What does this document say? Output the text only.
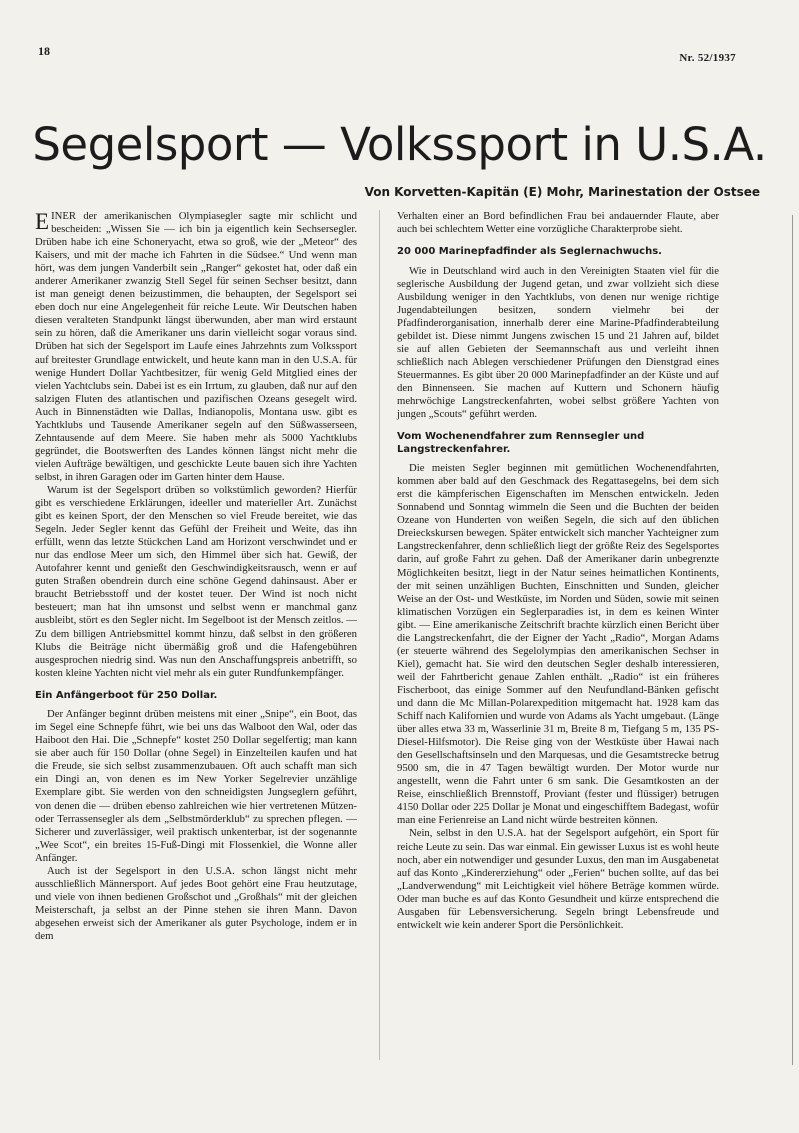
18	Nr. 52/1937
Segelsport — Volkssport in U.S.A.
Von Korvetten-Kapitän (E) Mohr, Marinestation der Ostsee

EINER der amerikanischen Olympiasegler sagte mir schlicht und bescheiden: „Wissen Sie — ich bin ja eigentlich kein Sechsersegler. Drüben habe ich eine Schoneryacht, etwa so groß, wie der „Meteor“ des Kaisers, und mit der mache ich Fahrten in die Südsee.“ Und wenn man hört, was dem jungen Vanderbilt sein „Ranger“ gekostet hat, oder daß ein anderer Amerikaner zwanzig Stell Segel für seinen Sechser besitzt, dann ist man geneigt denen beizustimmen, die behaupten, der Segelsport sei eben doch nur eine Angelegenheit für reiche Leute. Wir Deutschen haben diesen veralteten Standpunkt längst überwunden, aber man wird erstaunt sein zu hören, daß die Amerikaner uns darin vielleicht sogar voraus sind. Drüben hat sich der Segelsport im Laufe eines Jahrzehnts zum Volkssport auf breitester Grundlage entwickelt, und heute kann man in den U.S.A. für wenige Hundert Dollar Yachtbesitzer, für wenig Geld Mitglied eines der vielen Yachtclubs sein. Dabei ist es ein Irrtum, zu glauben, daß nur auf den salzigen Fluten des atlantischen und pazifischen Ozeans gesegelt wird. Auch in Binnenstädten wie Dallas, Indianopolis, Montana usw. gibt es Yachtklubs und Tausende Amerikaner segeln auf den Süßwasserseen, Zehntausende auf dem Meere. Sie haben mehr als 5000 Yachtklubs gegründet, die Bootswerften des Landes können längst nicht mehr die vielen Aufträge bewältigen, und geschickte Leute bauen sich ihre Yachten selbst, in ihren Garagen oder im Garten hinter dem Hause.

Warum ist der Segelsport drüben so volkstümlich geworden? Hierfür gibt es verschiedene Erklärungen, ideeller und materieller Art. Zunächst gibt es keinen Sport, der den Menschen so viel Freude bereitet, wie das Segeln. Jeder Segler kennt das Gefühl der Freiheit und Weite, das ihn erfüllt, wenn das letzte Stückchen Land am Horizont verschwindet und er nur das endlose Meer um sich, den Himmel über sich hat. Gewiß, der Autofahrer kennt und genießt den Geschwindigkeitsrausch, wenn er auf guten Straßen obendrein durch eine schöne Gegend dahinsaust. Aber er braucht Betriebsstoff und der kostet teuer. Der Wind ist noch nicht besteuert; man hat ihn umsonst und selbst wenn er manchmal ganz ausbleibt, stört es den Segler nicht. Im Segelboot ist der Mensch zeitlos. — Zu dem billigen Antriebsmittel kommt hinzu, daß selbst in den größeren Klubs die Beiträge nicht übermäßig groß und die Hafengebühren ausgesprochen niedrig sind. Was nun den Anschaffungspreis anbetrifft, so kosten kleine Yachten nicht viel mehr als ein guter Rundfunkempfänger.

Ein Anfängerboot für 250 Dollar.

Der Anfänger beginnt drüben meistens mit einer „Snipe“, ein Boot, das im Segel eine Schnepfe führt, wie bei uns das Walboot den Wal, oder das Haiboot den Hai. Die „Schnepfe“ kostet 250 Dollar segelfertig; man kann sie aber auch für 150 Dollar (ohne Segel) in Einzelteilen kaufen und hat die Freude, sie sich selbst zusammenzubauen. Oft auch schafft man sich ein Dingi an, von denen es im New Yorker Segelrevier unzählige Exemplare gibt. Sie werden von den schneidigsten Jungseglern geführt, von denen die — drüben ebenso zahlreichen wie hier vertretenen Mützen- oder Terrassensegler als dem „Selbstmörderklub“ zu sprechen pflegen. — Sicherer und zuverlässiger, weil praktisch unkenterbar, ist der sogenannte „Wee Scot“, ein breites 15-Fuß-Dingi mit Flossenkiel, die Wonne aller Anfänger.

Auch ist der Segelsport in den U.S.A. schon längst nicht mehr ausschließlich Männersport. Auf jedes Boot gehört eine Frau heutzutage, und viele von ihnen bedienen Großschot und „Großhals“ mit der gleichen Meisterschaft, ja selbst an der Pinne stehen sie ihren Mann. Davon abgesehen erweist sich der Amerikaner als guter Psychologe, indem er in dem

Verhalten einer an Bord befindlichen Frau bei andauernder Flaute, aber auch bei schlechtem Wetter eine vorzügliche Charakterprobe sieht.

20 000 Marinepfadfinder als Seglernachwuchs.

Wie in Deutschland wird auch in den Vereinigten Staaten viel für die seglerische Ausbildung der Jugend getan, und zwar vollzieht sich diese Ausbildung weniger in den Yachtklubs, von denen nur wenige richtige Jugendabteilungen besitzen, sondern vielmehr bei der Pfadfinderorganisation, innerhalb derer eine Marine-Pfadfinderabteilung gebildet ist. Diese nimmt Jungens zwischen 15 und 21 Jahren auf, bildet sie auf allen Gebieten der Seemannschaft aus und verleiht ihnen schließlich nach Ablegen verschiedener Prüfungen den Dienstgrad eines Steuermannes. Es gibt über 20 000 Marinepfadfinder an der Küste und auf den Binnenseen. Sie machen auf Kuttern und Schonern häufig mehrwöchige Langstreckenfahrten, wobei selbst größere Yachten von jungen „Scouts“ geführt werden.

Vom Wochenendfahrer zum Rennsegler und Langstreckenfahrer.

Die meisten Segler beginnen mit gemütlichen Wochenendfahrten, kommen aber bald auf den Geschmack des Regattasegelns, bei dem sich erst die kämpferischen Eigenschaften im Menschen entwickeln. Jeden Sonnabend und Sonntag wimmeln die Seen und die Buchten der beiden Ozeane von Hunderten von weißen Segeln, die sich auf den üblichen Dreieckskursen bewegen. Später entwickelt sich mancher Yachteigner zum Langstreckenfahrer, denn schließlich liegt der größte Reiz des Segelsportes darin, auf große Fahrt zu gehen. Daß der Amerikaner darin unbegrenzte Möglichkeiten besitzt, liegt in der Natur seines heimatlichen Kontinents, der mit seinen unzähligen Buchten, Einschnitten und Sunden, gleicher Weise an der Ost- und Westküste, im Norden und Süden, sowie mit seinen klimatischen Vorzügen ein Seglerparadies ist, in dem es keinen Winter gibt. — Eine amerikanische Zeitschrift brachte kürzlich einen Bericht über die Langstreckenfahrt, die der Eigner der Yacht „Radio“, Morgan Adams (er steuerte während des Segelolympias den amerikanischen Sechser in Kiel), gemacht hat. Sie wird den deutschen Segler deshalb interessieren, weil der Fahrtbericht genaue Zahlen enthält. „Radio“ ist ein früheres Fischerboot, das einige Sommer auf den Neufundland-Bänken gefischt und dann die Mc Millan-Polarexpedition mitgemacht hat. 1928 kam das Schiff nach Kalifornien und wurde von Adams als Yacht umgebaut. (Länge über alles etwa 33 m, Wasserlinie 31 m, Breite 8 m, Tiefgang 5 m, 135 PS-Diesel-Hilfsmotor). Die Reise ging von der Westküste über Hawai nach den Gesellschaftsinseln und den Marquesas, und die Gesamtstrecke betrug 9500 sm, die in 47 Tagen bewältigt wurden. Der Motor wurde nur angestellt, wenn die Fahrt unter 6 sm sank. Die Gesamtkosten an der Reise, einschließlich Brennstoff, Proviant (fester und flüssiger) betrugen 4150 Dollar oder 225 Dollar je Monat und eingeschifftem Badegast, wofür man eine Ferienreise an Land nicht würde bestreiten können.

Nein, selbst in den U.S.A. hat der Segelsport aufgehört, ein Sport für reiche Leute zu sein. Das war einmal. Ein gewisser Luxus ist es wohl heute noch, aber ein notwendiger und gesunder Luxus, den man im Ausgabenetat auf das Konto „Kindererziehung“ oder „Ferien“ buchen sollte, auf das bei „Landverwendung“ mit Leichtigkeit viel höhere Beträge kommen würde. Oder man buche es auf das Konto Gesundheit und kürze entsprechend die Ausgaben für Lebensversicherung. Segeln bringt Lebensfreude und entwickelt wie kein anderer Sport die Persönlichkeit.
